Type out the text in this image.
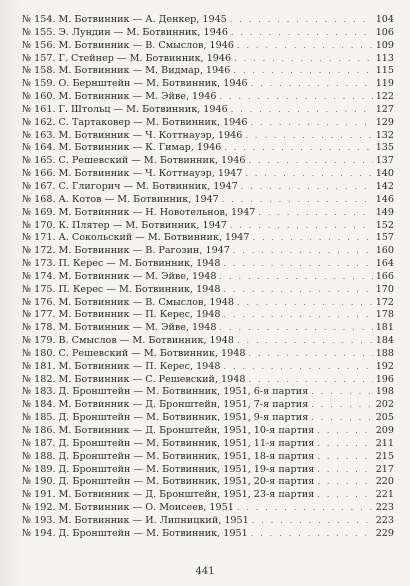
№ 154. М. Ботвинник — А. Денкер, 1945 . . .	104
№ 155. Э. Лундин — М. Ботвинник, 1946 . . .	106
№ 156. М. Ботвинник — В. Смыслов, 1946 . . .	109
№ 157. Г. Стейнер — М. Ботвинник, 1946 . . .	113
№ 158. М. Ботвинник — М. Видмар, 1946 . . .	115
№ 159. О. Бернштейн — М. Ботвинник, 1946 . . .	119
№ 160. М. Ботвинник — М. Эйве, 1946 . . .	122
№ 161. Г. Штольц — М. Ботвинник, 1946 . . .	127
№ 162. С. Тартаковер — М. Ботвинник, 1946 . . .	129
№ 163. М. Ботвинник — Ч. Коттнауэр, 1946 . . .	132
№ 164. М. Ботвинник — К. Гимар, 1946 . . .	135
№ 165. С. Решевский — М. Ботвинник, 1946 . . .	137
№ 166. М. Ботвинник — Ч. Коттнауэр, 1947 . . .	140
№ 167. С. Глигорич — М. Ботвинник, 1947 . . .	142
№ 168. А. Котов — М. Ботвинник, 1947 . . .	146
№ 169. М. Ботвинник — Н. Новотельнов, 1947 . . .	149
№ 170. К. Плятер — М. Ботвинник, 1947 . . .	152
№ 171. А. Сокольский — М. Ботвинник, 1947 . . .	157
№ 172. М. Ботвинник — В. Рагозин, 1947 . . .	160
№ 173. П. Керес — М. Ботвинник, 1948 . . .	164
№ 174. М. Ботвинник — М. Эйве, 1948 . . .	166
№ 175. П. Керес — М. Ботвинник, 1948 . . .	170
№ 176. М. Ботвинник — В. Смыслов, 1948 . . .	172
№ 177. М. Ботвинник — П. Керес, 1948 . . .	178
№ 178. М. Ботвинник — М. Эйве, 1948 . . .	181
№ 179. В. Смыслов — М. Ботвинник, 1948 . . .	184
№ 180. С. Решевский — М. Ботвинник, 1948 . . .	188
№ 181. М. Ботвинник — П. Керес, 1948 . . .	192
№ 182. М. Ботвинник — С. Решевский, 1948 . . .	196
№ 183. Д. Бронштейн — М. Ботвинник, 1951, 6-я партия . . .	198
№ 184. М. Ботвинник — Д. Бронштейн, 1951, 7-я партия . . .	202
№ 185. Д. Бронштейн — М. Ботвинник, 1951, 9-я партия . . .	205
№ 186. М. Ботвинник — Д. Бронштейн, 1951, 10-я партия . . .	209
№ 187. Д. Бронштейн — М. Ботвинник, 1951, 11-я партия . . .	211
№ 188. Д. Бронштейн — М. Ботвинник, 1951, 18-я партия . . .	215
№ 189. Д. Бронштейн — М. Ботвинник, 1951, 19-я партия . . .	217
№ 190. Д. Бронштейн — М. Ботвинник, 1951, 20-я партия . . .	220
№ 191. М. Ботвинник — Д. Бронштейн, 1951, 23-я партия . . .	221
№ 192. М. Ботвинник — О. Моисеев, 1951 . . .	223
№ 193. М. Ботвинник — И. Липницкий, 1951 . . .	223
№ 194. Д. Бронштейн — М. Ботвинник, 1951 . . .	229
441
